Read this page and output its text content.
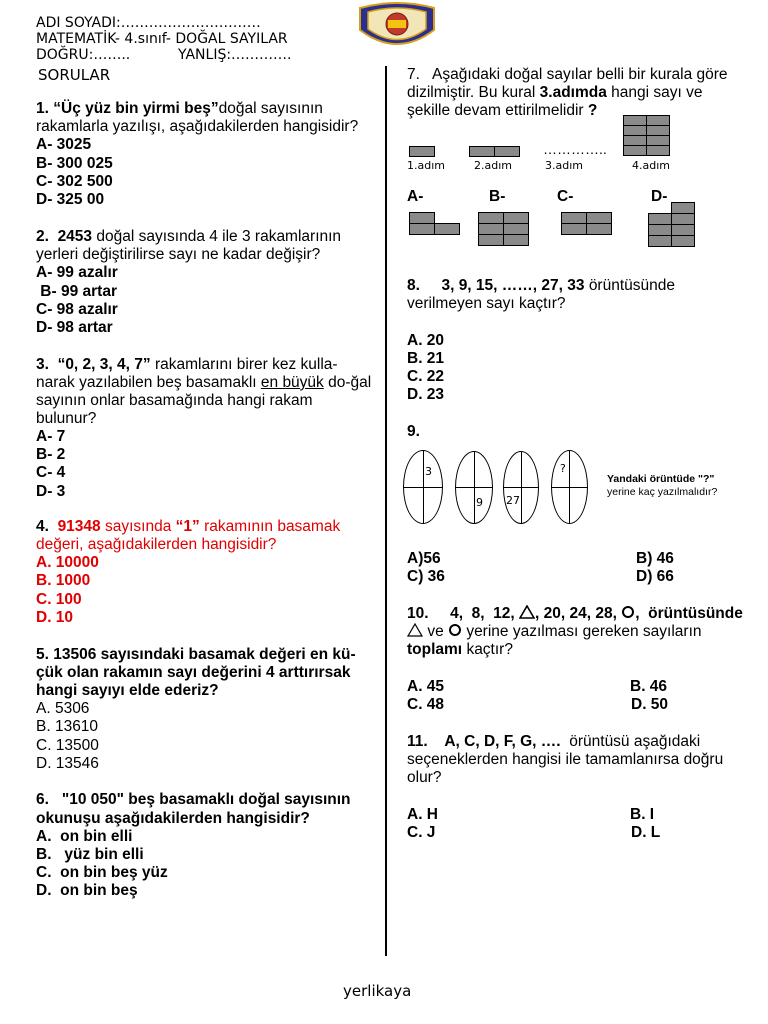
ADI SOYADI:…………………………
MATEMATİK- 4.sınıf- DOĞAL SAYILAR
DOĞRU:……..	YANLIŞ:………….
SORULAR
1. “Üç yüz bin yirmi beş”doğal sayısının
rakamlarla yazılışı, aşağıdakilerden hangisidir?
A- 3025
B- 300 025
C- 302 500
D- 325 00
2. 2453 doğal sayısında 4 ile 3 rakamlarının
yerleri değiştirilirse sayı ne kadar değişir?
A- 99 azalır
B- 99 artar
C- 98 azalır
D- 98 artar
3. “0, 2, 3, 4, 7” rakamlarını birer kez kulla-
narak yazılabilen beş basamaklı en büyük do-ğal
sayının onlar basamağında hangi rakam
bulunur?
A- 7
B- 2
C- 4
D- 3
4. 91348 sayısında “1” rakamının basamak
değeri, aşağıdakilerden hangisidir?
A. 10000
B. 1000
C. 100
D. 10
5. 13506 sayısındaki basamak değeri en kü-
çük olan rakamın sayı değerini 4 arttırırsak
hangi sayıyı elde ederiz?
A. 5306
B. 13610
C. 13500
D. 13546
6.   "10 050" beş basamaklı doğal sayısının
okunuşu aşağıdakilerden hangisidir?
A.  on bin elli
B.   yüz bin elli
C.  on bin beş yüz
D.  on bin beş
7.   Aşağıdaki doğal sayılar belli bir kurala göre
dizilmiştir. Bu kural 3.adımda hangi sayı ve
şekille devam ettirilmelidir ?
…………..
1.adım	2.adım	3.adım	4.adım
A-	B-	C-	D-
8.     3, 9, 15, ……, 27, 33 örüntüsünde
verilmeyen sayı kaçtır?
A. 20
B. 21
C. 22
D. 23
9.
3
9 27
?
Yandaki örüntüde "?"
yerine kaç yazılmalıdır?
A)56	B) 46
C) 36	D) 66
10.     4,  8,  12, , 20, 24, 28, ,  örüntüsünde
ve yerine yazılması gereken sayıların
toplamı kaçtır?
A. 45	B. 46
C. 48	D. 50
11.    A, C, D, F, G, …. örüntüsü aşağıdaki
seçeneklerden hangisi ile tamamlanırsa doğru
olur?
A. H	B. I
C. J	D. L
yerlikaya
